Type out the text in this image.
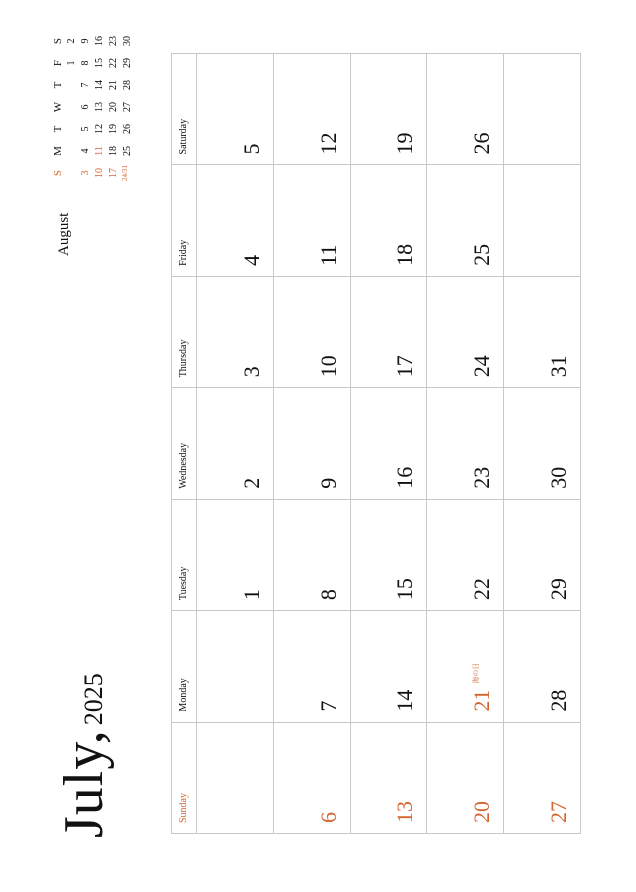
July,2025
August
S
M
T
W
T
F
S
1
2
3
4
5
6
7
8
9
10
11
12
13
14
15
16
17
18
19
20
21
22
23
24/31
25
26
27
28
29
30
Sunday
Monday
Tuesday
Wednesday
Thursday
Friday
Saturday
1
2
3
4
5
6
7
8
9
10
11
12
13
14
15
16
17
18
19
20
21
海の日
22
23
24
25
26
27
28
29
30
31
